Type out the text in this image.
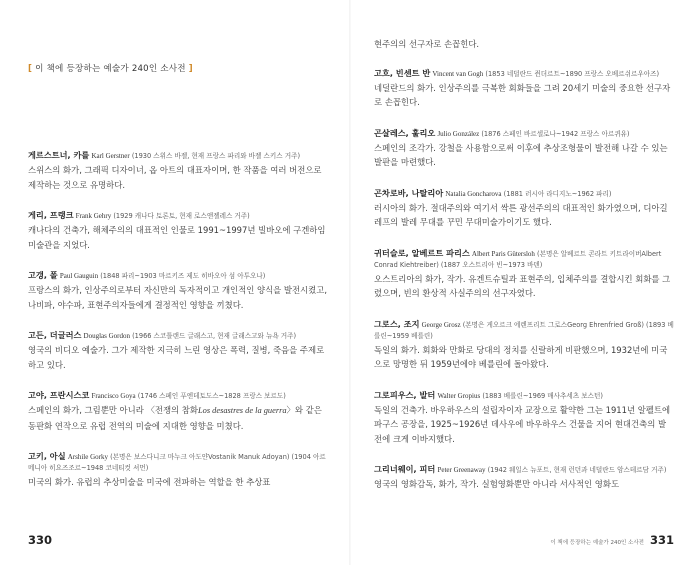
[ 이 책에 등장하는 예술가 240인 소사전 ]
게르스트너, 카를 Karl Gerstner (1930 스위스 바젤, 현재 프랑스 파리와 바젤 스키스 거주)
스위스의 화가, 그래픽 디자이너, 옵 아트의 대표자이며, 한 작품을 여러 버전으로 제작하는 것으로 유명하다.
게리, 프랭크 Frank Gehry (1929 캐나다 토론토, 현재 로스앤젤레스 거주)
캐나다의 건축가, 해체주의의 대표적인 인물로 1991~1997년 빌바오에 구겐하임 미술관을 지었다.
고갱, 폴 Paul Gauguin (1848 파리~1903 마르키즈 제도 히바오아 섬 아투오나)
프랑스의 화가, 인상주의로부터 자신만의 독자적이고 개인적인 양식을 발전시켰고, 나비파, 야수파, 표현주의자들에게 결정적인 영향을 끼쳤다.
고든, 더글러스 Douglas Gordon (1966 스코틀랜드 글래스고, 현재 글래스고와 뉴욕 거주)
영국의 비디오 예술가. 그가 제작한 지극히 느린 영상은 폭력, 질병, 죽음을 주제로 하고 있다.
고야, 프란시스코 Francisco Goya (1746 스페인 푸엔데토도스~1828 프랑스 보르도)
스페인의 화가, 그림뿐만 아니라 〈전쟁의 참화Los desastres de la guerra〉와 같은 동판화 연작으로 유럽 전역의 미술에 지대한 영향을 미쳤다.
고키, 아실 Arshile Gorky (본명은 보스다니크 마누크 아도얀Vostanik Manuk Adoyan) (1904 아르메니아 히요즈조르~1948 코네티컷 셔먼)
미국의 화가. 유럽의 추상미술을 미국에 전파하는 역할을 한 추상표
330
현주의의 선구자로 손꼽힌다.
고흐, 빈센트 반 Vincent van Gogh (1853 네덜란드 쥔더르트~1890 프랑스 오베르쉬르우아즈)
네덜란드의 화가. 인상주의를 극복한 회화들을 그려 20세기 미술의 중요한 선구자로 손꼽힌다.
곤살레스, 훌리오 Julio González (1876 스페인 바르셀로나~1942 프랑스 아르퀴유)
스페인의 조각가. 강철을 사용함으로써 이후에 추상조형물이 발전해 나갈 수 있는 발판을 마련했다.
곤차로바, 나탈리아 Natalia Goncharova (1881 러시아 라디지노~1962 파리)
러시아의 화가. 절대주의와 여기서 싹튼 광선주의의 대표적인 화가였으며, 디아길레프의 발레 무대를 꾸민 무대미술가이기도 했다.
귀터슬로, 알베르트 파리스 Albert Paris Gütersloh (본명은 알베르트 콘라트 키트라이버Albert Conrad Kiehtreiber) (1887 오스트리아 빈~1973 바덴)
오스트리아의 화가, 작가. 유겐트슈틸과 표현주의, 입체주의를 결합시킨 회화를 그렸으며, 빈의 환상적 사실주의의 선구자였다.
그로스, 조지 George Grosz (본명은 게오르크 에렌프리트 그로스Georg Ehrenfried Groß) (1893 베를린~1959 베를린)
독일의 화가. 회화와 만화로 당대의 정치를 신랄하게 비판했으며, 1932년에 미국으로 망명한 뒤 1959년에야 베를린에 돌아왔다.
그로피우스, 발터 Walter Gropius (1883 베를린~1969 매사추세츠 보스턴)
독일의 건축가. 바우하우스의 설립자이자 교장으로 활약한 그는 1911년 알펠트에 파구스 공장을, 1925~1926년 데사우에 바우하우스 건물을 지어 현대건축의 발전에 크게 이바지했다.
그리너웨이, 피터 Peter Greenaway (1942 웨일스 뉴포트, 현재 런던과 네덜란드 암스테르담 거주)
영국의 영화감독, 화가, 작가. 실험영화뿐만 아니라 서사적인 영화도
이 책에 등장하는 예술가 240인 소사전 331
